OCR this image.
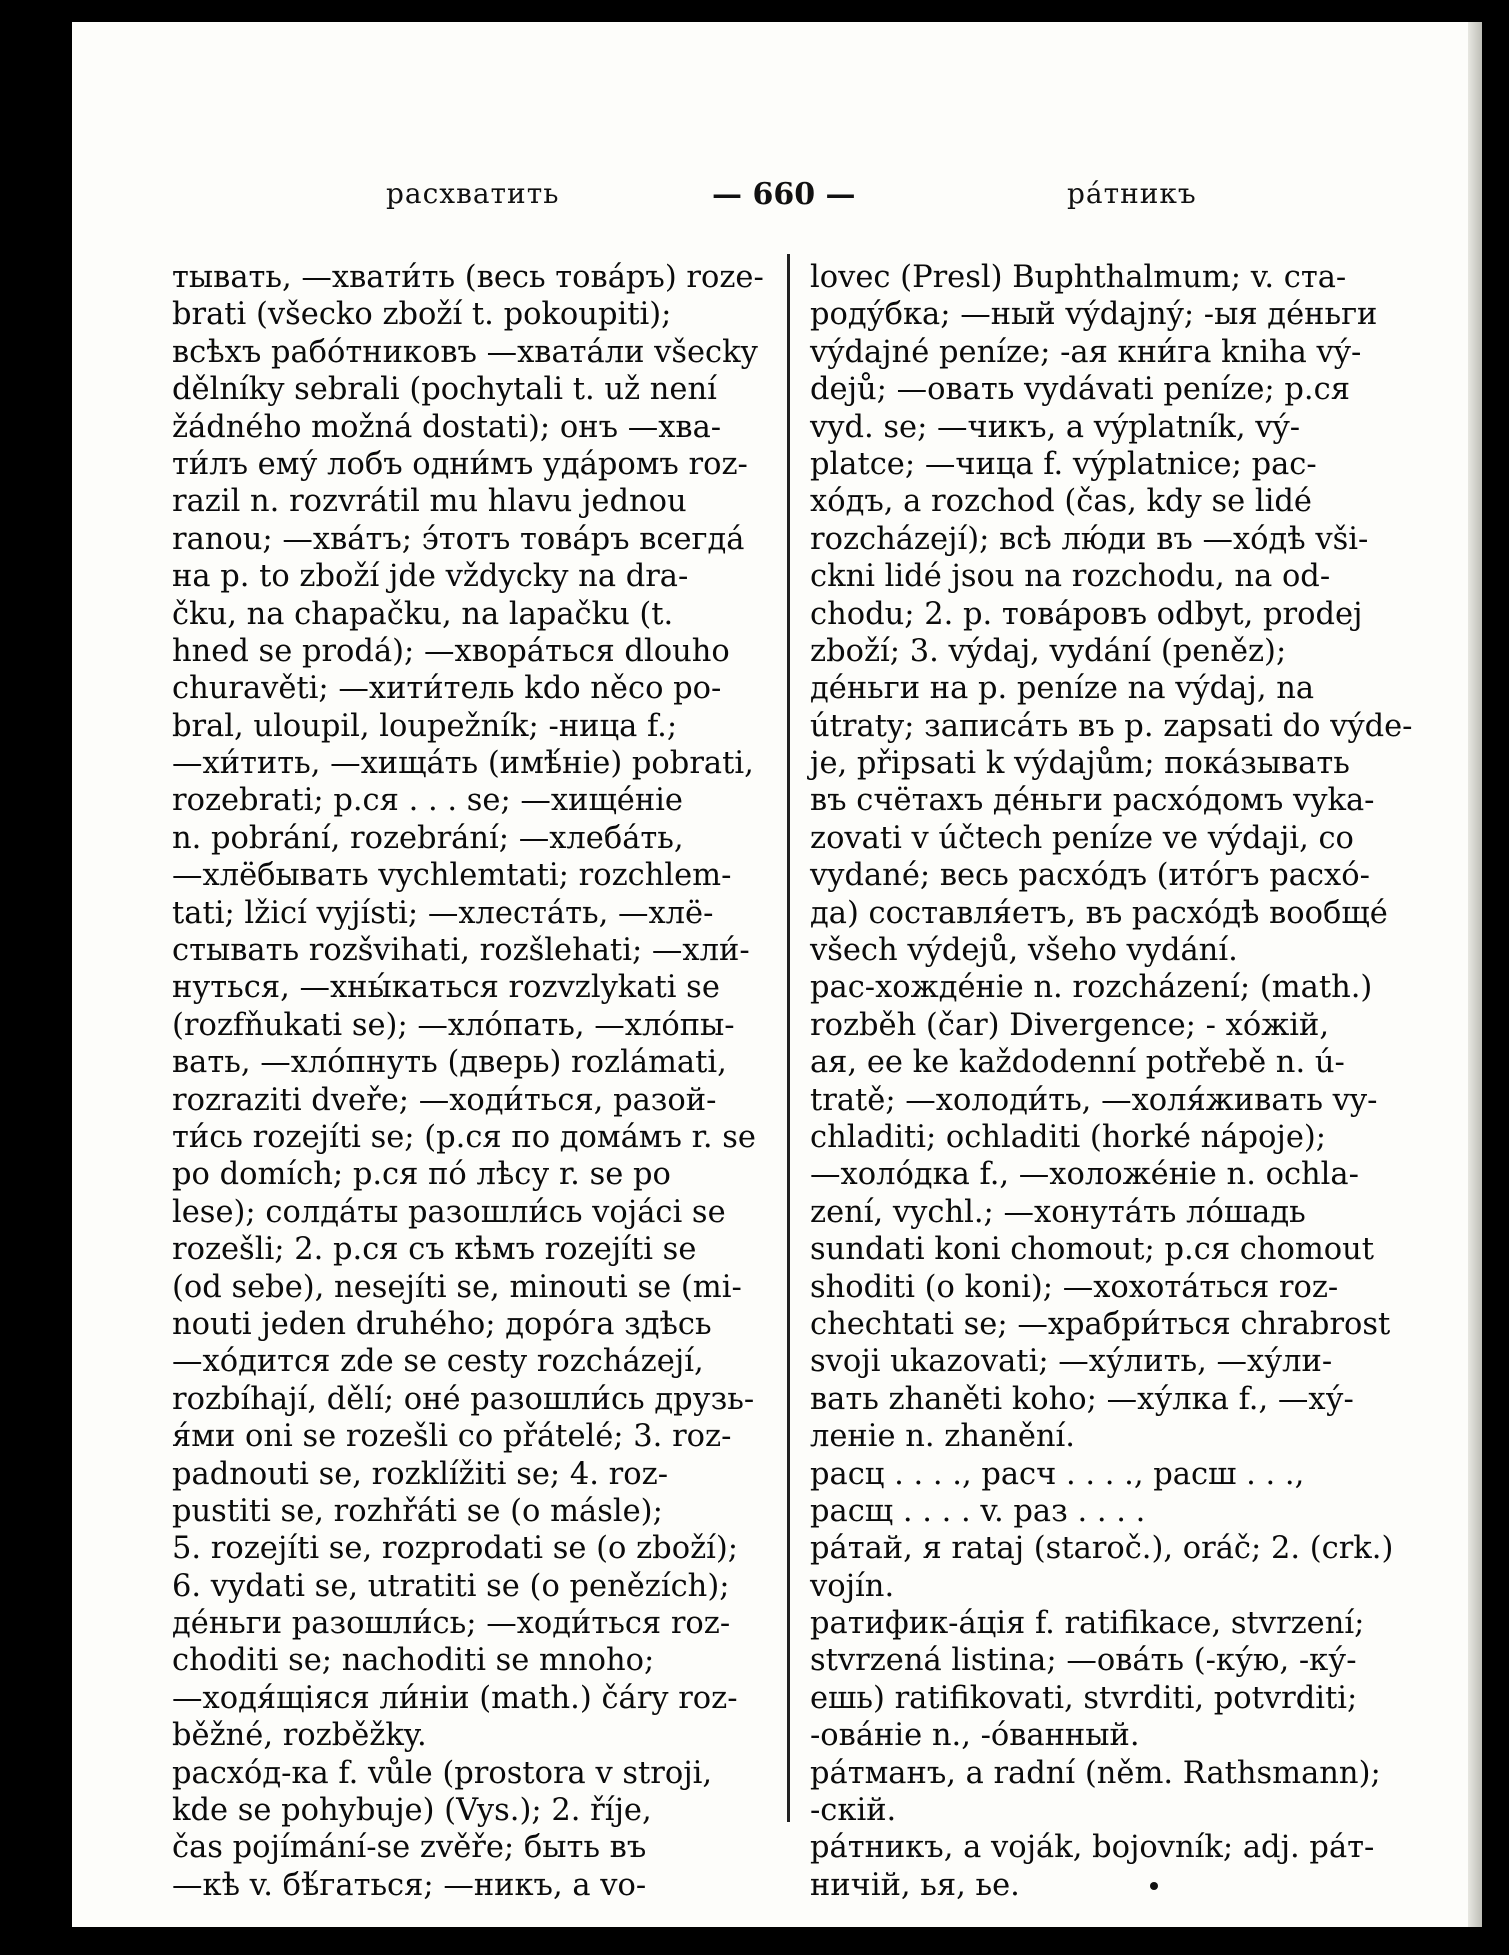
расхватить	— 660 —	ра́тникъ
тывать, —хвати́ть (весь това́ръ) roze-
brati (všecko zboží t. pokoupiti);
всѣхъ рабо́тниковъ —хвата́ли všecky
dělníky sebrali (pochytali t. už není
žádného možná dostati); онъ —хва-
ти́лъ ему́ лобъ одни́мъ уда́ромъ roz-
razil n. rozvrátil mu hlavu jednou
ranou; —хва́тъ; э́тотъ това́ръ всегда́
на р. to zboží jde vždycky na dra-
čku, na chapačku, na lapačku (t.
hned se prodá); —хвора́ться dlouho
churavěti; —хити́тель kdo něco po-
bral, uloupil, loupežník; -ница f.;
—хи́тить, —хища́ть (имѣ́ніе) pobrati,
rozebrati; р.ся . . . se; —хище́ніе
n. pobrání, rozebrání; —хлеба́ть,
—хлёбывать vychlemtati; rozchlem-
tati; lžicí vyjísti; —хлеста́ть, —хлё-
стывать rozšvihati, rozšlehati; —хли́-
нуться, —хны́каться rozvzlykati se
(rozfňukati se); —хло́пать, —хло́пы-
вать, —хло́пнуть (дверь) rozlámati,
rozraziti dveře; —ходи́ться, разой-
ти́сь rozejíti se; (р.ся по дома́мъ r. se
po domích; р.ся по́ лѣсу r. se po
lese); солда́ты разошли́сь vojáci se
rozešli; 2. р.ся съ кѣмъ rozejíti se
(od sebe), nesejíti se, minouti se (mi-
nouti jeden druhého; доро́га здѣсь
—хо́дится zde se cesty rozcházejí,
rozbíhají, dělí; оне́ разошли́сь друзь-
я́ми oni se rozešli co přátelé; 3. roz-
padnouti se, rozklížiti se; 4. roz-
pustiti se, rozhřáti se (o másle);
5. rozejíti se, rozprodati se (o zboží);
6. vydati se, utratiti se (o penězích);
де́ньги разошли́сь; —ходи́ться roz-
choditi se; nachoditi se mnoho;
—ходя́щіяся ли́ніи (math.) čáry roz-
běžné, rozběžky.
расхо́д-ка f. vůle (prostora v stroji,
kde se pohybuje) (Vys.); 2. říje,
čas pojímání-se zvěře; быть въ
—кѣ v. бѣ́гаться; —никъ, a vo-
lovec (Presl) Buphthalmum; v. ста-
роду́бка; —ный výdajný; -ыя де́ньги
výdajné peníze; -ая кни́га kniha vý-
dejů; —овать vydávati peníze; р.ся
vyd. se; —чикъ, a výplatník, vý-
platce; —чица f. výplatnice; рас-
хо́дъ, a rozchod (čas, kdy se lidé
rozcházejí); всѣ лю́ди въ —хо́дѣ vši-
ckni lidé jsou na rozchodu, na od-
chodu; 2. р. това́ровъ odbyt, prodej
zboží; 3. výdaj, vydání (peněz);
де́ньги на р. peníze na výdaj, na
útraty; записа́ть въ р. zapsati do výde-
je, připsati k výdajům; пока́зывать
въ счётахъ де́ньги расхо́домъ vyka-
zovati v účtech peníze ve výdaji, co
vydané; весь расхо́дъ (ито́гъ расхо́-
да) составля́етъ, въ расхо́дѣ вообще́
všech výdejů, všeho vydání.
рас-хожде́ніе n. rozcházení; (math.)
rozběh (čar) Divergence; - хо́жій,
ая, ее ke každodenní potřebě n. ú-
tratě; —холоди́ть, —холя́живать vy-
chladiti; ochladiti (horké nápoje);
—холо́дка f., —холоже́ніе n. ochla-
zení, vychl.; —хонута́ть ло́шадь
sundati koni chomout; р.ся chomout
shoditi (o koni); —хохота́ться roz-
chechtati se; —храбри́ться chrabrost
svoji ukazovati; —ху́лить, —ху́ли-
вать zhaněti koho; —ху́лка f., —ху́-
леніе n. zhanění.
расц . . . ., расч . . . ., расш . . .,
расщ . . . . v. раз . . . .
ра́тай, я rataj (staroč.), oráč; 2. (crk.)
vojín.
ратифик-а́ція f. ratifikace, stvrzení;
stvrzená listina; —ова́ть (-ку́ю, -ку́-
ешь) ratifikovati, stvrditi, potvrditi;
-ова́ніе n., -о́ванный.
ра́тманъ, a radní (něm. Rathsmann);
-скій.
ра́тникъ, a voják, bojovník; adj. ра́т-
ничій, ья, ье.
